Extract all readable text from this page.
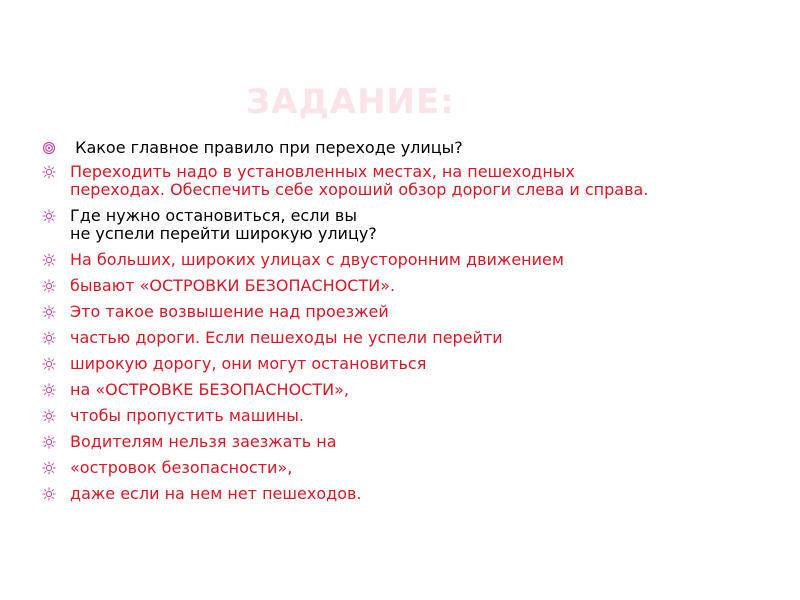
ЗАДАНИЕ:
Какое главное правило при переходе улицы?
Переходить надо в установленных местах, на пешеходных переходах. Обеспечить себе хороший обзор дороги слева и справа.
Где нужно остановиться, если вы
не успели перейти широкую улицу?
На больших, широких улицах с двусторонним движением
бывают «ОСТРОВКИ БЕЗОПАСНОСТИ».
Это такое возвышение над проезжей
частью дороги. Если пешеходы не успели перейти
широкую дорогу, они могут остановиться
на «ОСТРОВКЕ БЕЗОПАСНОСТИ»,
чтобы пропустить машины.
Водителям нельзя заезжать на
«островок безопасности»,
даже если на нем нет пешеходов.
